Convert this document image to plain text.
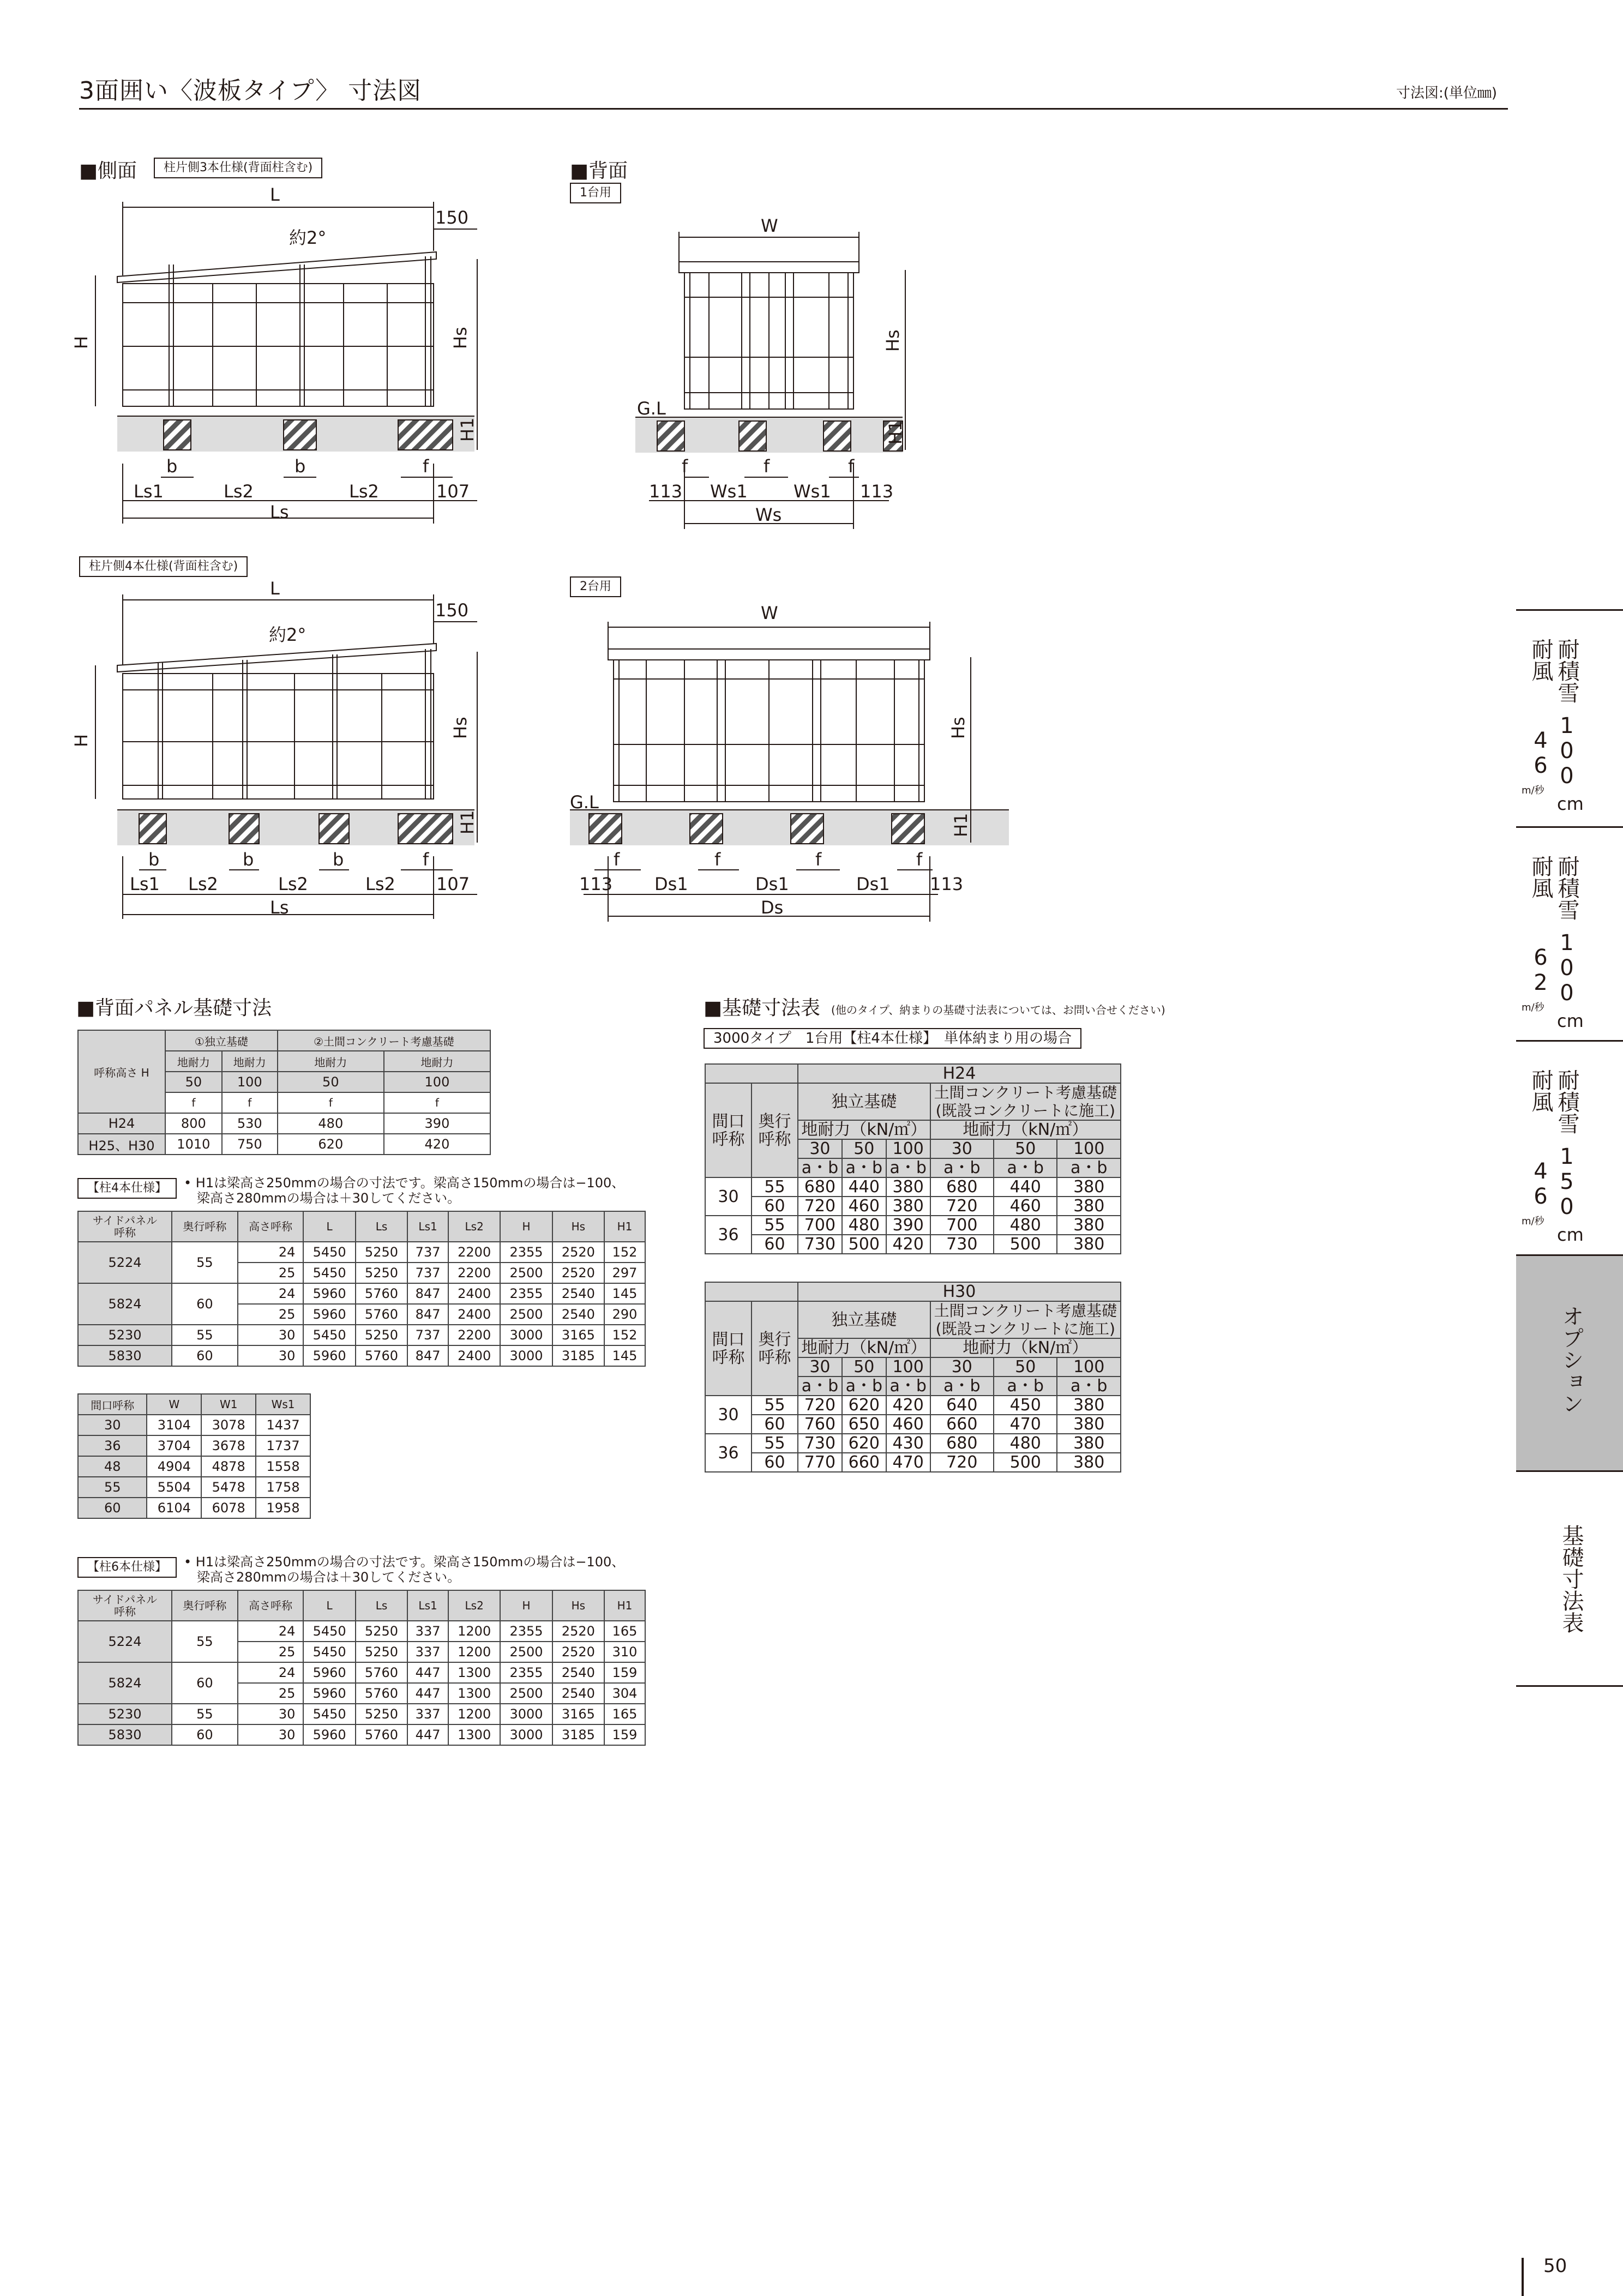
3面囲い〈波板タイプ〉 寸法図	寸法図:(単位㎜)
■側面	柱片側3本仕様(背面柱含む)
柱片側4本仕様(背面柱含む)
■背面
1台用
2台用
L
150
約2°
H	Hs
H1
b	b	f
Ls1	Ls2	Ls2	107
Ls
L
150
約2°
H
Hs
H1
b	b	b	f
Ls1 Ls2	Ls2	Ls2 107
Ls
W
Hs
H1
G.L
f	f	f
113 Ws1	Ws1 113
Ws
W
Hs
H1
G.L
f	f	f	f
113 Ds1	Ds1	Ds1 113
Ds
■背面パネル基礎寸法
呼称高さ H	①独立基礎		②土間コンクリート考慮基礎	
	地耐力	地耐力	地耐力	地耐力
	50	100	50	100
	f	f	f	f
H24	800	530	480	390
H25、H30	1010	750	620	420
【柱4本仕様】	• H1は梁高さ250mmの場合の寸法です。梁高さ150mmの場合は−100、
　梁高さ280mmの場合は＋30してください。
サイドパネル
呼称	奥行呼称	高さ呼称	L	Ls	Ls1	Ls2	H	Hs	H1
5224	55	24	5450	5250	737	2200	2355	2520	152
		25	5450	5250	737	2200	2500	2520	297
5824	60	24	5960	5760	847	2400	2355	2540	145
		25	5960	5760	847	2400	2500	2540	290
5230	55	30	5450	5250	737	2200	3000	3165	152
5830	60	30	5960	5760	847	2400	3000	3185	145
間口呼称	W	W1	Ws1
30	3104	3078	1437
36	3704	3678	1737
48	4904	4878	1558
55	5504	5478	1758
60	6104	6078	1958
【柱6本仕様】	• H1は梁高さ250mmの場合の寸法です。梁高さ150mmの場合は−100、
　梁高さ280mmの場合は＋30してください。
サイドパネル
呼称	奥行呼称	高さ呼称	L	Ls	Ls1	Ls2	H	Hs	H1
5224	55	24	5450	5250	337	1200	2355	2520	165
		25	5450	5250	337	1200	2500	2520	310
5824	60	24	5960	5760	447	1300	2355	2540	159
		25	5960	5760	447	1300	2500	2540	304
5230	55	30	5450	5250	337	1200	3000	3165	165
5830	60	30	5960	5760	447	1300	3000	3185	159
■基礎寸法表 (他のタイプ、納まりの基礎寸法表については、お問い合せください)
3000タイプ　1台用【柱4本仕様】　単体納まり用の場合
		H24					
間口
呼称	奥行
呼称	独立基礎			土間コンクリート考慮基礎
(既設コンクリートに施工)		
		地耐力（kN/㎡）			地耐力（kN/㎡）		
		30	50	100	30	50	100
		a・b	a・b	a・b	a・b	a・b	a・b
30	55	680	440	380	680	440	380
	60	720	460	380	720	460	380
36	55	700	480	390	700	480	380
	60	730	500	420	730	500	380
		H30					
間口
呼称	奥行
呼称	独立基礎			土間コンクリート考慮基礎
(既設コンクリートに施工)		
		地耐力（kN/㎡）			地耐力（kN/㎡）		
		30	50	100	30	50	100
		a・b	a・b	a・b	a・b	a・b	a・b
30	55	720	620	420	640	450	380
	60	760	650	460	660	470	380
36	55	730	620	430	680	480	380
	60	770	660	470	720	500	380
オプション
基礎寸法表
耐積雪
耐風
100
46
cm
m/秒
耐積雪
耐風
100
62
cm
m/秒
耐積雪
耐風
150
46
cm
m/秒
50
